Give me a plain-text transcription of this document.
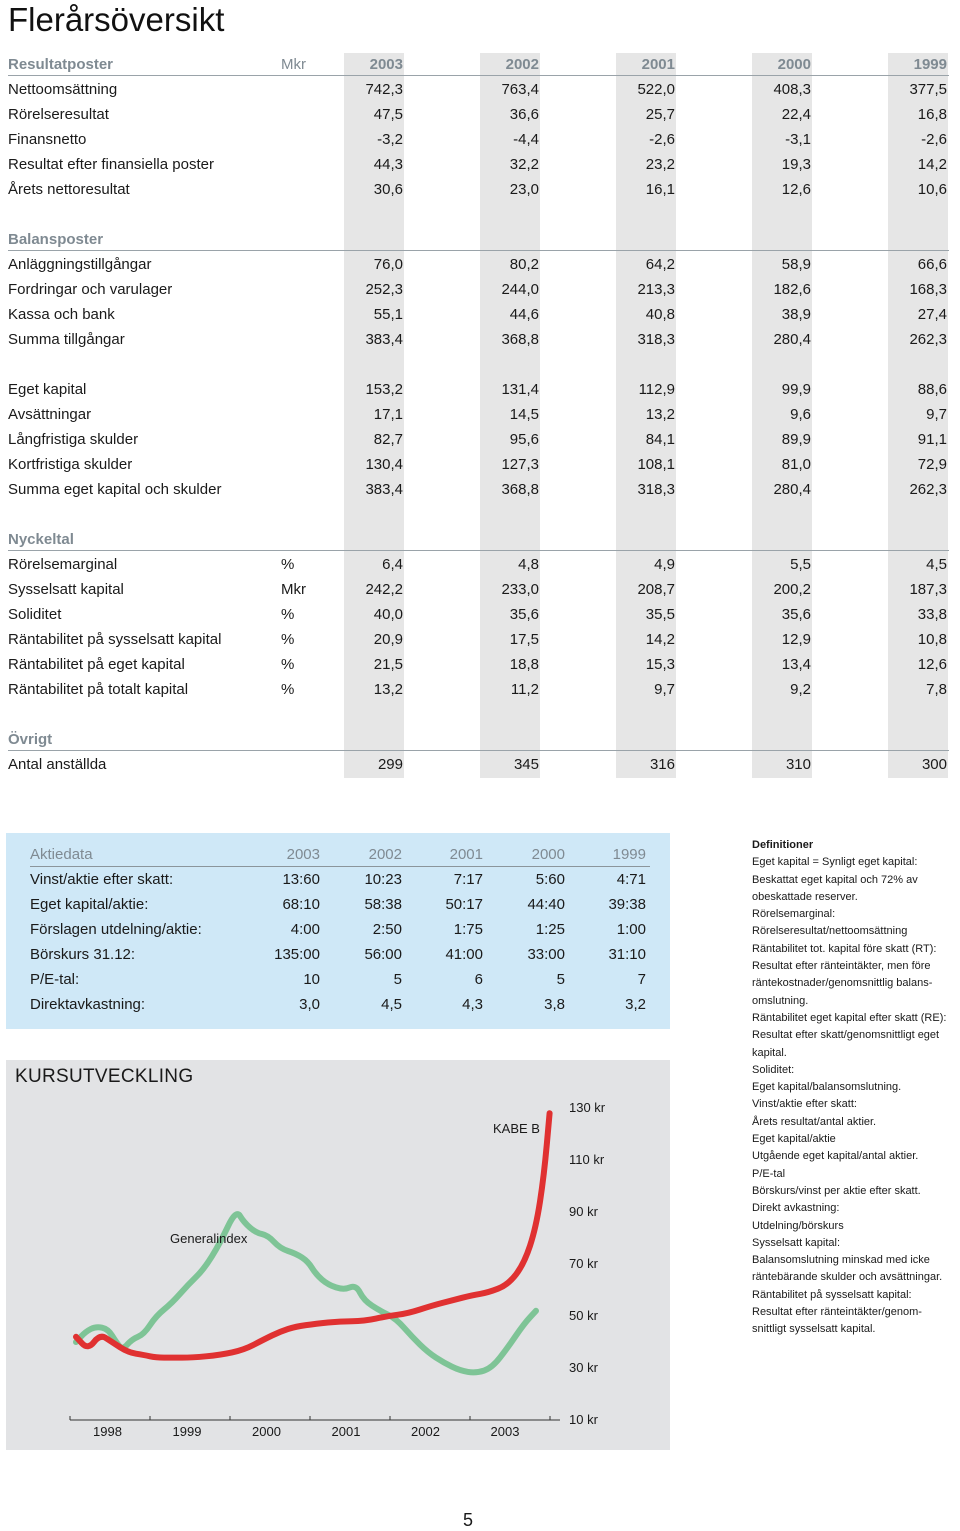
Flerårsöversikt
Resultatposter	Mkr	2003	2002	2001	2000	1999
Nettoomsättning	742,3	763,4	522,0	408,3	377,5
Rörelseresultat	47,5	36,6	25,7	22,4	16,8
Finansnetto	-3,2	-4,4	-2,6	-3,1	-2,6
Resultat efter finansiella poster	44,3	32,2	23,2	19,3	14,2
Årets nettoresultat	30,6	23,0	16,1	12,6	10,6
Balansposter
Anläggningstillgångar	76,0	80,2	64,2	58,9	66,6
Fordringar och varulager	252,3	244,0	213,3	182,6	168,3
Kassa och bank	55,1	44,6	40,8	38,9	27,4
Summa tillgångar	383,4	368,8	318,3	280,4	262,3
Eget kapital	153,2	131,4	112,9	99,9	88,6
Avsättningar	17,1	14,5	13,2	9,6	9,7
Långfristiga skulder	82,7	95,6	84,1	89,9	91,1
Kortfristiga skulder	130,4	127,3	108,1	81,0	72,9
Summa eget kapital och skulder	383,4	368,8	318,3	280,4	262,3
Nyckeltal
Rörelsemarginal	%	6,4	4,8	4,9	5,5	4,5
Sysselsatt kapital	Mkr	242,2	233,0	208,7	200,2	187,3
Soliditet	%	40,0	35,6	35,5	35,6	33,8
Räntabilitet på sysselsatt kapital	%	20,9	17,5	14,2	12,9	10,8
Räntabilitet på eget kapital	%	21,5	18,8	15,3	13,4	12,6
Räntabilitet på totalt kapital	%	13,2	11,2	9,7	9,2	7,8
Övrigt
Antal anställda	299	345	316	310	300
Aktiedata	2003	2002	2001	2000	1999
Vinst/aktie efter skatt:	13:60	10:23	7:17	5:60	4:71
Eget kapital/aktie:	68:10	58:38	50:17	44:40	39:38
Förslagen utdelning/aktie:	4:00	2:50	1:75	1:25	1:00
Börskurs 31.12:	135:00	56:00	41:00	33:00	31:10
P/E-tal:	10	5	6	5	7
Direktavkastning:	3,0	4,5	4,3	3,8	3,2
KURSUTVECKLING
Definitioner
Eget kapital = Synligt eget kapital:
Beskattat eget kapital och 72% av
obeskattade reserver.
Rörelsemarginal:
Rörelseresultat/nettoomsättning
Räntabilitet tot. kapital före skatt (RT):
Resultat efter ränteintäkter, men före
räntekostnader/genomsnittlig balans-
omslutning.
Räntabilitet eget kapital efter skatt (RE):
Resultat efter skatt/genomsnittligt eget
kapital.
Soliditet:
Eget kapital/balansomslutning.
Vinst/aktie efter skatt:
Årets resultat/antal aktier.
Eget kapital/aktie
Utgående eget kapital/antal aktier.
P/E-tal
Börskurs/vinst per aktie efter skatt.
Direkt avkastning:
Utdelning/börskurs
Sysselsatt kapital:
Balansomslutning minskad med icke
räntebärande skulder och avsättningar.
Räntabilitet på sysselsatt kapital:
Resultat efter ränteintäkter/genom-
snittligt sysselsatt kapital.
5
130 kr
110 kr
90 kr
70 kr
50 kr
30 kr
10 kr
1998	1999	2000	2001	2002	2003
KABE B
Generalindex
